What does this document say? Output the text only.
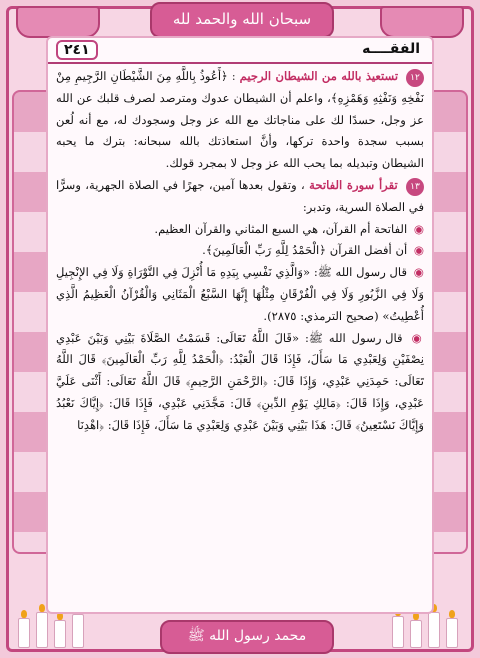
سبحان الله والحمد لله
محمد رسول الله ﷺ
الفقــــه
٢٤١

١٢ تستعيذ بالله من الشيطان الرجيم : ﴿أَعُوذُ بِاللَّهِ مِنَ الشَّيْطَانِ الرَّجِيمِ مِنْ نَفْخِهِ وَنَفْثِهِ وَهَمْزِهِ﴾، واعلم أن الشيطان عدوك ومترصد لصرف قلبك عن الله عز وجل، حسدًا لك على مناجاتك مع الله عز وجل وسجودك له، مع أنه لُعن بسبب سجدة واحدة تركها، وأنَّ استعاذتك بالله سبحانه: بترك ما يحبه الشيطان وتبديله بما يحب الله عز وجل لا بمجرد قولك.

١٣ تقرأ سورة الفاتحة ، وتقول بعدها آمين، جهرًا في الصلاة الجهرية، وسرًّا في الصلاة السرية، وتدبر:

◉ الفاتحة أم القرآن، هي السبع المثاني والقرآن العظيم.

◉ أن أفضل القرآن ﴿الْحَمْدُ لِلَّهِ رَبِّ الْعَالَمِينَ﴾.

◉ قال رسول الله ﷺ: «وَالَّذِي نَفْسِي بِيَدِهِ مَا أُنْزِلَ فِي التَّوْرَاةِ وَلَا فِي الإِنْجِيلِ وَلَا فِي الزَّبُورِ وَلَا فِي الْفُرْقَانِ مِثْلُهَا إِنَّهَا السَّبْعُ الْمَثَانِي وَالْقُرْآنُ الْعَظِيمُ الَّذِي أُعْطِيتُ» (صحيح الترمذي: ٢٨٧٥).

◉ قال رسول الله ﷺ: «قَالَ اللَّهُ تَعَالَى: قَسَمْتُ الصَّلَاةَ بَيْنِي وَبَيْنَ عَبْدِي نِصْفَيْنِ وَلِعَبْدِي مَا سَأَلَ، فَإِذَا قَالَ الْعَبْدُ: ﴿الْحَمْدُ لِلَّهِ رَبِّ الْعَالَمِينَ﴾ قَالَ اللَّهُ تَعَالَى: حَمِدَنِي عَبْدِي، وَإِذَا قَالَ: ﴿الرَّحْمَنِ الرَّحِيمِ﴾ قَالَ اللَّهُ تَعَالَى: أَثْنَى عَلَيَّ عَبْدِي، وَإِذَا قَالَ: ﴿مَالِكِ يَوْمِ الدِّينِ﴾ قَالَ: مَجَّدَنِي عَبْدِي، فَإِذَا قَالَ: ﴿إِيَّاكَ نَعْبُدُ وَإِيَّاكَ نَسْتَعِينُ﴾ قَالَ: هَذَا بَيْنِي وَبَيْنَ عَبْدِي وَلِعَبْدِي مَا سَأَلَ، فَإِذَا قَالَ: ﴿اهْدِنَا
